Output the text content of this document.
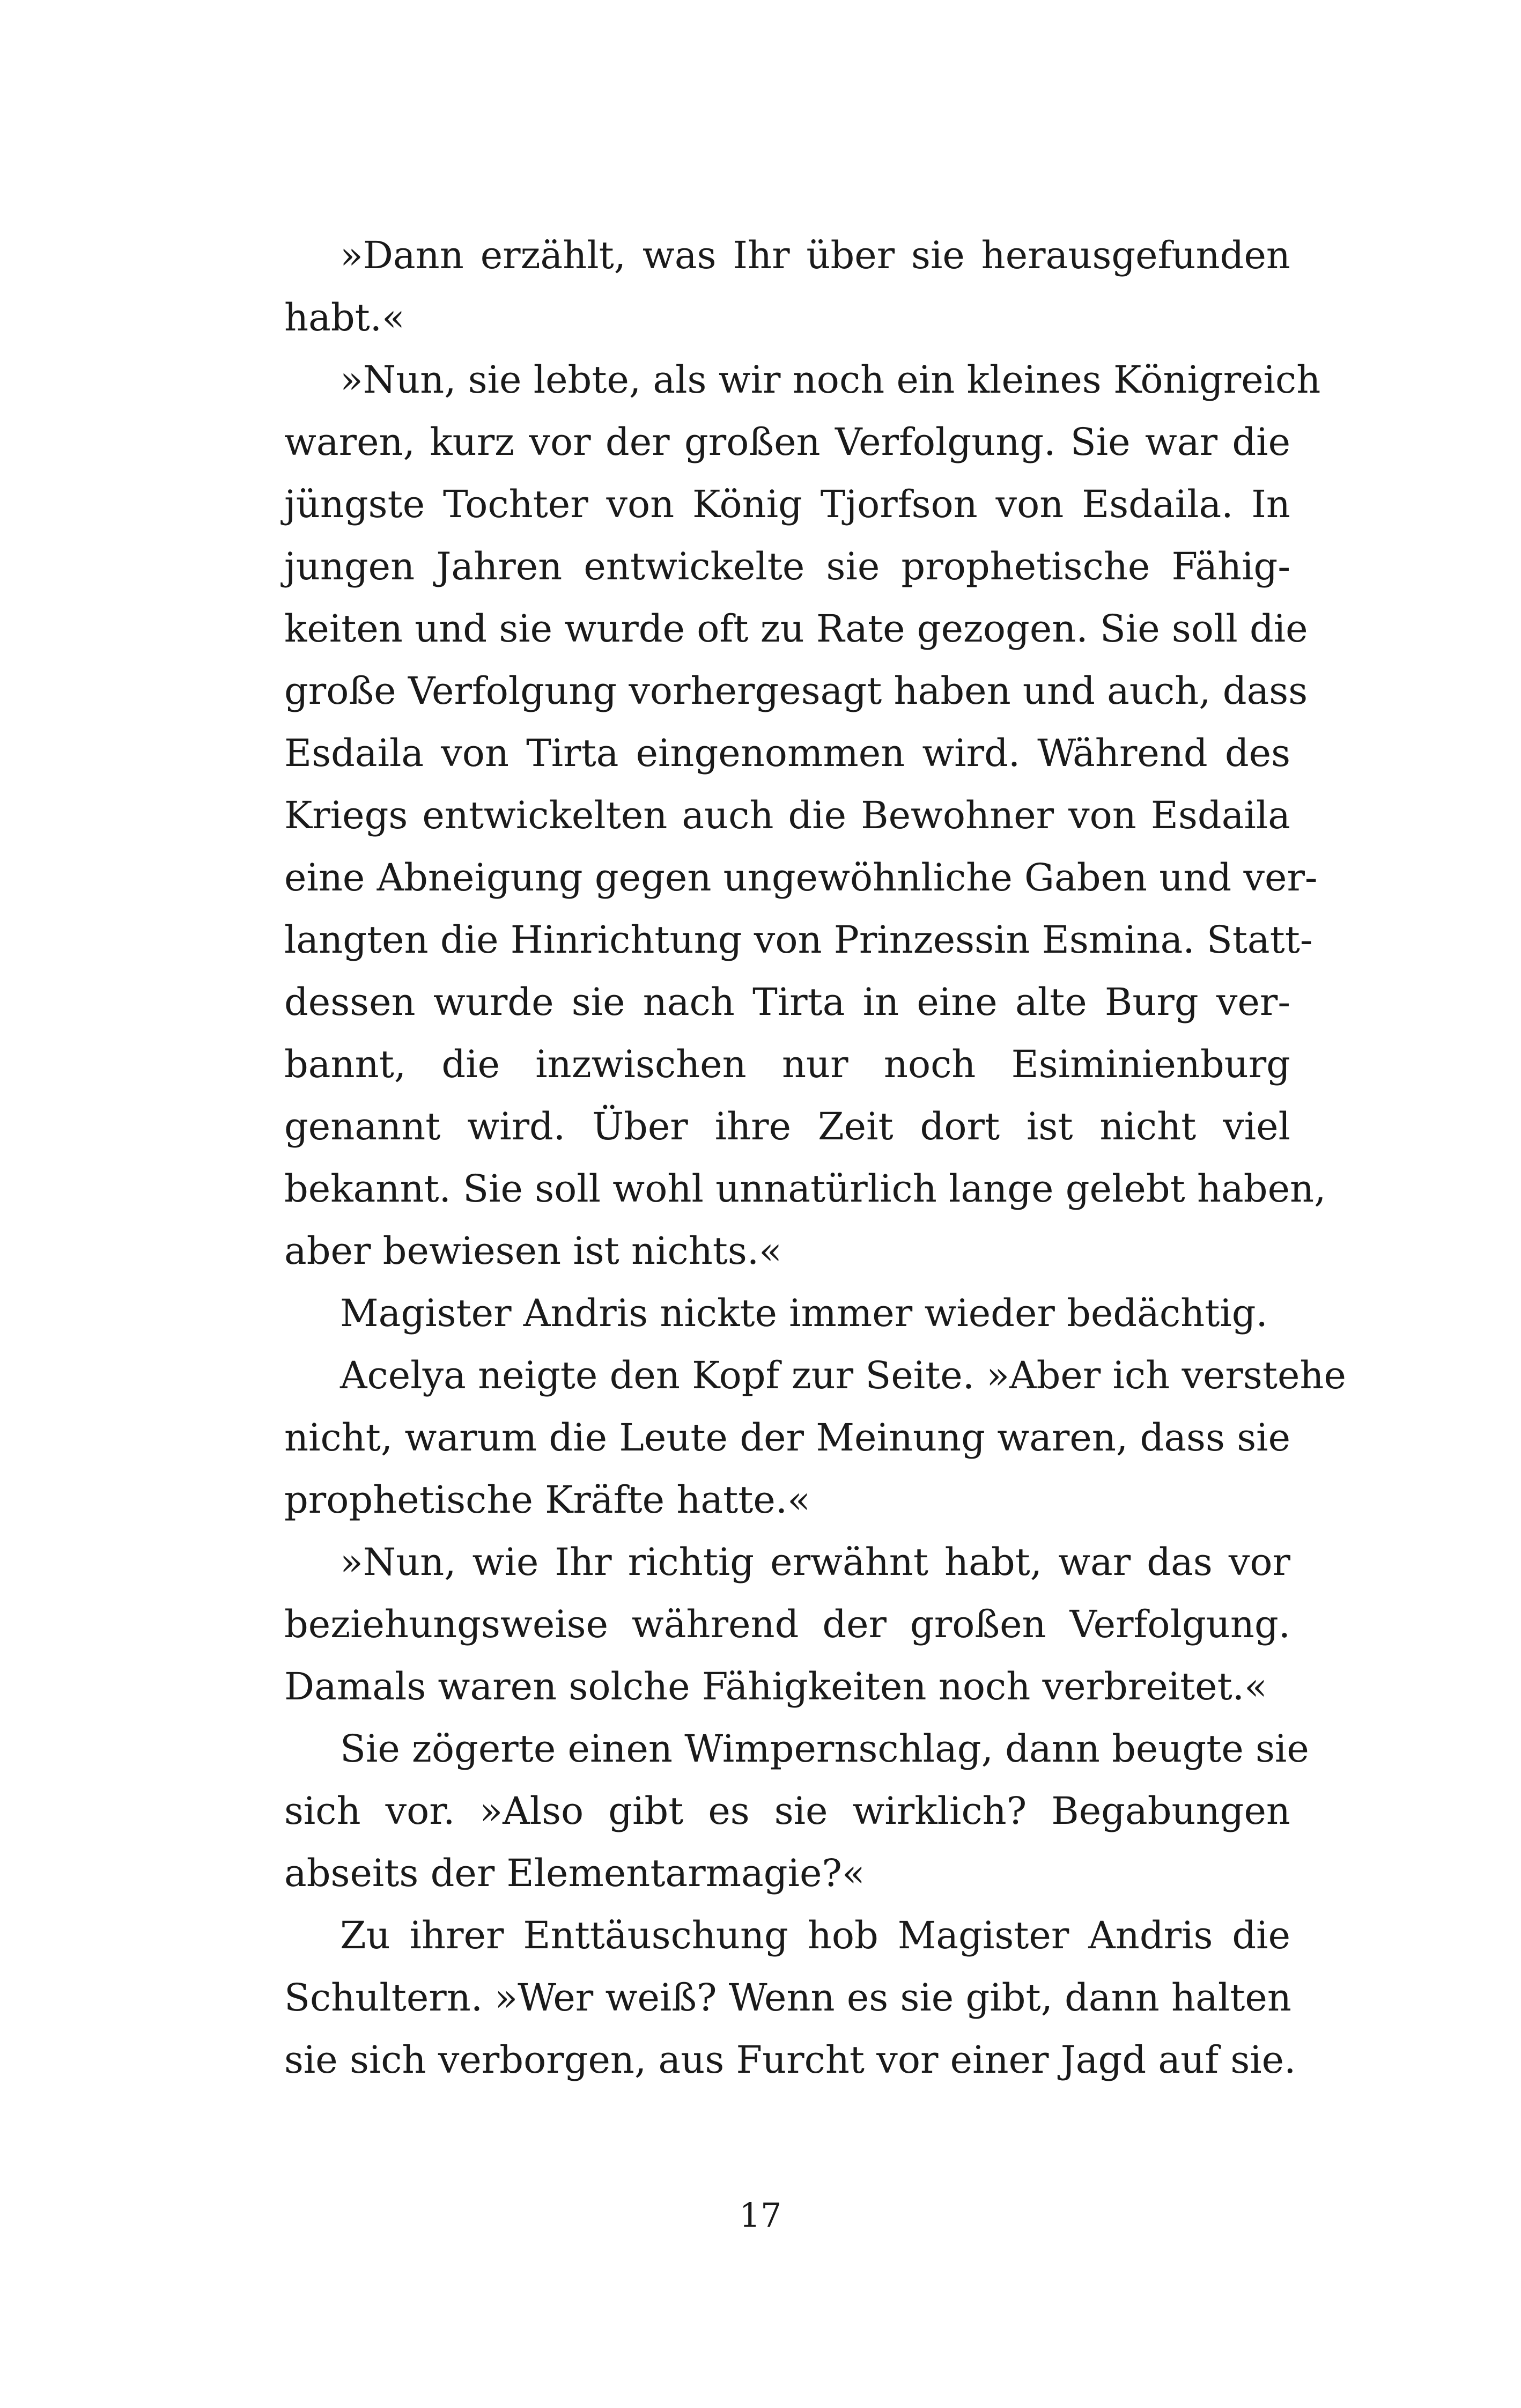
»Dann erzählt, was Ihr über sie herausgefunden
habt.«
»Nun, sie lebte, als wir noch ein kleines Königreich
waren, kurz vor der großen Verfolgung. Sie war die
jüngste Tochter von König Tjorfson von Esdaila. In
jungen Jahren entwickelte sie prophetische Fähig-
keiten und sie wurde oft zu Rate gezogen. Sie soll die
große Verfolgung vorhergesagt haben und auch, dass
Esdaila von Tirta eingenommen wird. Während des
Kriegs entwickelten auch die Bewohner von Esdaila
eine Abneigung gegen ungewöhnliche Gaben und ver-
langten die Hinrichtung von Prinzessin Esmina. Statt-
dessen wurde sie nach Tirta in eine alte Burg ver-
bannt, die inzwischen nur noch Esiminienburg
genannt wird. Über ihre Zeit dort ist nicht viel
bekannt. Sie soll wohl unnatürlich lange gelebt haben,
aber bewiesen ist nichts.«
Magister Andris nickte immer wieder bedächtig.
Acelya neigte den Kopf zur Seite. »Aber ich verstehe
nicht, warum die Leute der Meinung waren, dass sie
prophetische Kräfte hatte.«
»Nun, wie Ihr richtig erwähnt habt, war das vor
beziehungsweise während der großen Verfolgung.
Damals waren solche Fähigkeiten noch verbreitet.«
Sie zögerte einen Wimpernschlag, dann beugte sie
sich vor. »Also gibt es sie wirklich? Begabungen
abseits der Elementarmagie?«
Zu ihrer Enttäuschung hob Magister Andris die
Schultern. »Wer weiß? Wenn es sie gibt, dann halten
sie sich verborgen, aus Furcht vor einer Jagd auf sie.
17
